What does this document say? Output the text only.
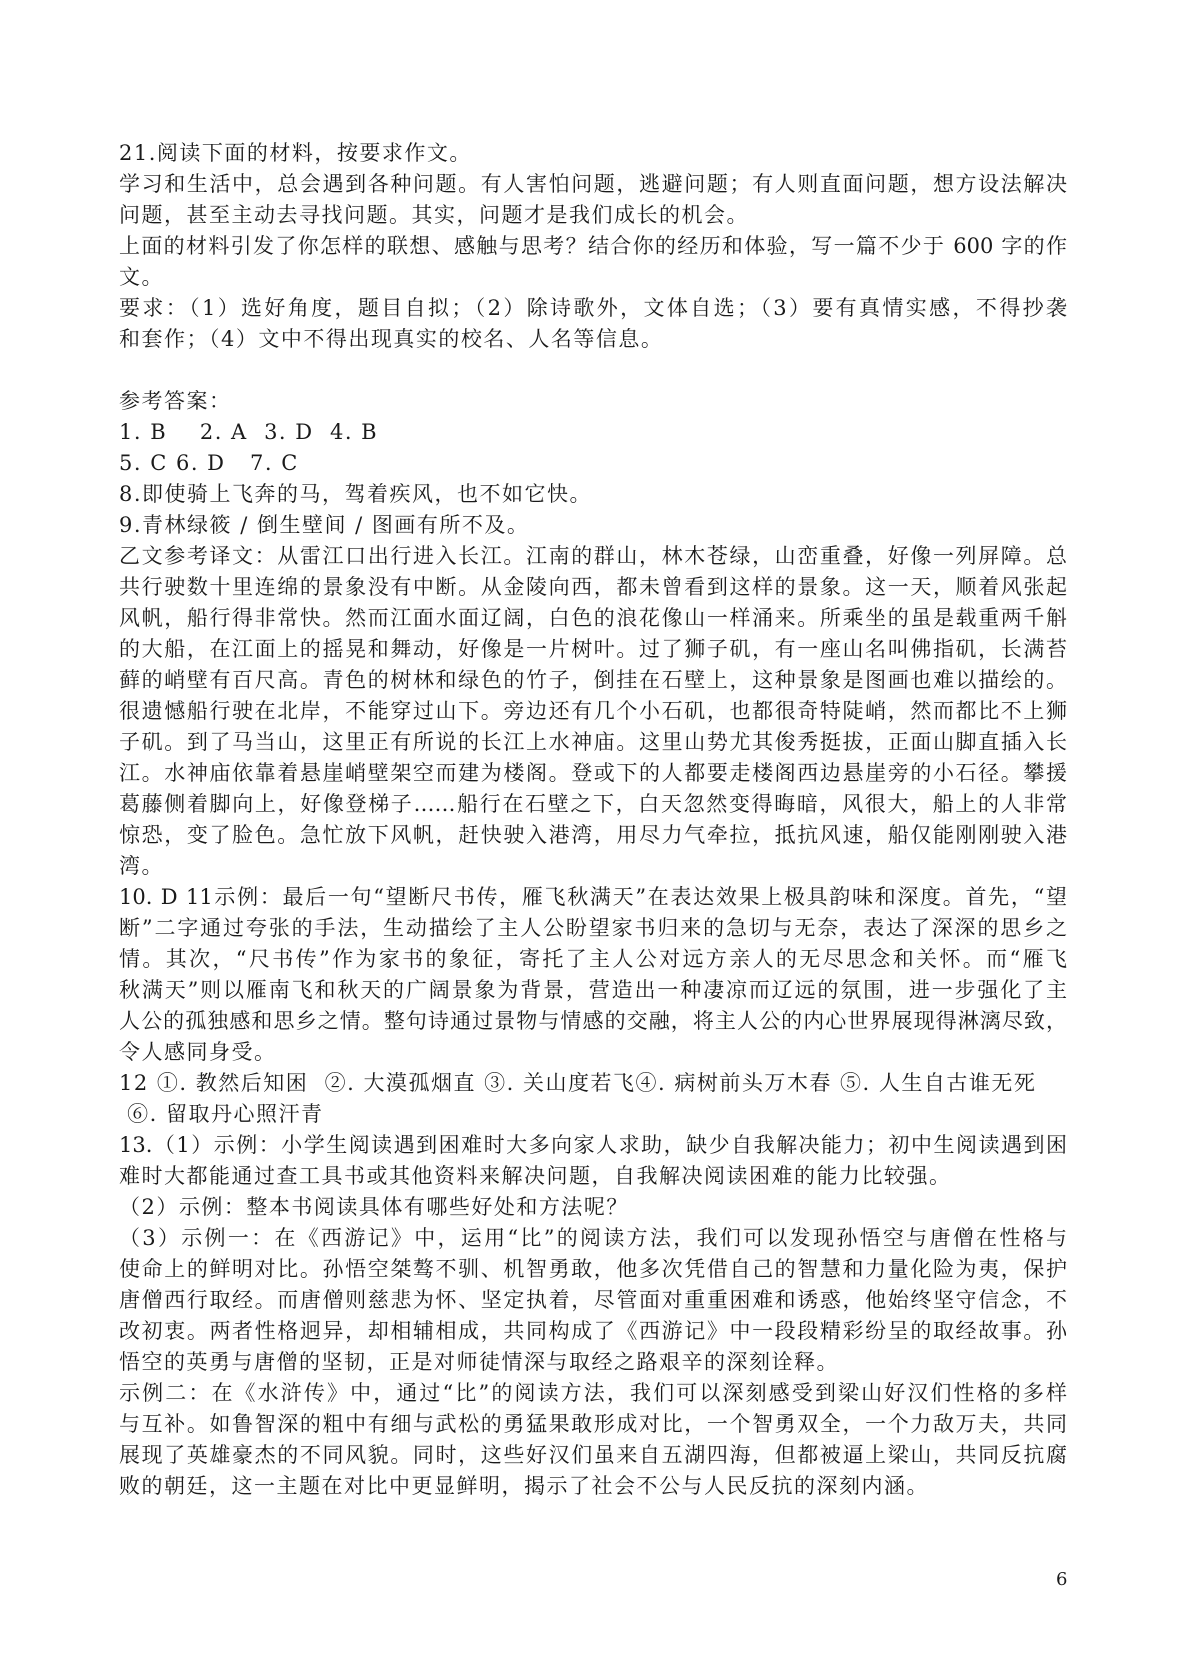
21.阅读下面的材料，按要求作文。
学习和生活中，总会遇到各种问题。有人害怕问题，逃避问题；有人则直面问题，想方设法解决
问题，甚至主动去寻找问题。其实，问题才是我们成长的机会。
上面的材料引发了你怎样的联想、感触与思考？结合你的经历和体验，写一篇不少于 600 字的作
文。
要求：（1）选好角度，题目自拟；（2）除诗歌外，文体自选；（3）要有真情实感，不得抄袭
和套作；（4）文中不得出现真实的校名、人名等信息。
参考答案：
1. B    2. A  3. D  4. B
5. C 6. D   7. C
8.即使骑上飞奔的马，驾着疾风，也不如它快。
9.青林绿筱 / 倒生壁间 / 图画有所不及。
乙文参考译文：从雷江口出行进入长江。江南的群山，林木苍绿，山峦重叠，好像一列屏障。总
共行驶数十里连绵的景象没有中断。从金陵向西，都未曾看到这样的景象。这一天，顺着风张起
风帆，船行得非常快。然而江面水面辽阔，白色的浪花像山一样涌来。所乘坐的虽是载重两千斛
的大船，在江面上的摇晃和舞动，好像是一片树叶。过了狮子矶，有一座山名叫佛指矶，长满苔
藓的峭壁有百尺高。青色的树林和绿色的竹子，倒挂在石壁上，这种景象是图画也难以描绘的。
很遗憾船行驶在北岸，不能穿过山下。旁边还有几个小石矶，也都很奇特陡峭，然而都比不上狮
子矶。到了马当山，这里正有所说的长江上水神庙。这里山势尤其俊秀挺拔，正面山脚直插入长
江。水神庙依靠着悬崖峭壁架空而建为楼阁。登或下的人都要走楼阁西边悬崖旁的小石径。攀援
葛藤侧着脚向上，好像登梯子……船行在石壁之下，白天忽然变得晦暗，风很大，船上的人非常
惊恐，变了脸色。急忙放下风帆，赶快驶入港湾，用尽力气牵拉，抵抗风速，船仅能刚刚驶入港
湾。
10. D 11示例：最后一句“望断尺书传，雁飞秋满天”在表达效果上极具韵味和深度。首先，“望
断”二字通过夸张的手法，生动描绘了主人公盼望家书归来的急切与无奈，表达了深深的思乡之
情。其次，“尺书传”作为家书的象征，寄托了主人公对远方亲人的无尽思念和关怀。而“雁飞
秋满天”则以雁南飞和秋天的广阔景象为背景，营造出一种凄凉而辽远的氛围，进一步强化了主
人公的孤独感和思乡之情。整句诗通过景物与情感的交融，将主人公的内心世界展现得淋漓尽致，
令人感同身受。
12 ①. 教然后知困  ②. 大漠孤烟直 ③. 关山度若飞④. 病树前头万木春 ⑤. 人生自古谁无死
⑥. 留取丹心照汗青
13.（1）示例：小学生阅读遇到困难时大多向家人求助，缺少自我解决能力；初中生阅读遇到困
难时大都能通过查工具书或其他资料来解决问题，自我解决阅读困难的能力比较强。
（2）示例：整本书阅读具体有哪些好处和方法呢？
（3）示例一：在《西游记》中，运用“比”的阅读方法，我们可以发现孙悟空与唐僧在性格与
使命上的鲜明对比。孙悟空桀骜不驯、机智勇敢，他多次凭借自己的智慧和力量化险为夷，保护
唐僧西行取经。而唐僧则慈悲为怀、坚定执着，尽管面对重重困难和诱惑，他始终坚守信念，不
改初衷。两者性格迥异，却相辅相成，共同构成了《西游记》中一段段精彩纷呈的取经故事。孙
悟空的英勇与唐僧的坚韧，正是对师徒情深与取经之路艰辛的深刻诠释。
示例二：在《水浒传》中，通过“比”的阅读方法，我们可以深刻感受到梁山好汉们性格的多样
与互补。如鲁智深的粗中有细与武松的勇猛果敢形成对比，一个智勇双全，一个力敌万夫，共同
展现了英雄豪杰的不同风貌。同时，这些好汉们虽来自五湖四海，但都被逼上梁山，共同反抗腐
败的朝廷，这一主题在对比中更显鲜明，揭示了社会不公与人民反抗的深刻内涵。
6
